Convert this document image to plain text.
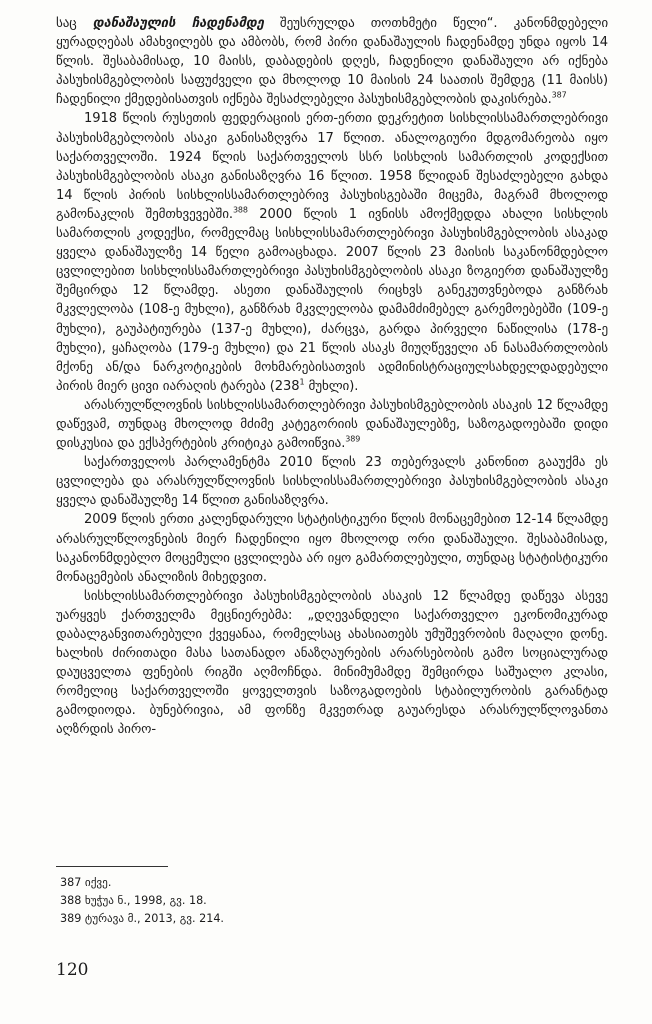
საც დანაშაულის ჩადენამდე შეუსრულდა თოთხმეტი წელი“. კანონმდებელი ყურადღებას ამახვილებს და ამბობს, რომ პირი დანაშაულის ჩადენამდე უნდა იყოს 14 წლის. შესაბამისად, 10 მაისს, დაბადების დღეს, ჩადენილი დანაშაული არ იქნება პასუხისმგებლობის საფუძველი და მხოლოდ 10 მაისის 24 საათის შემდეგ (11 მაისს) ჩადენილი ქმედებისათვის იქნება შესაძლებელი პასუხისმგებლობის დაკისრება.$^{387}$

1918 წლის რუსეთის ფედერაციის ერთ-ერთი დეკრეტით სისხლისსამართლებრივი პასუხისმგებლობის ასაკი განისაზღვრა 17 წლით. ანალოგიური მდგომარეობა იყო საქართველოში. 1924 წლის საქართველოს სსრ სისხლის სამართლის კოდექსით პასუხისმგებლობის ასაკი განისაზღვრა 16 წლით. 1958 წლიდან შესაძლებელი გახდა 14 წლის პირის სისხლისსამართლებრივ პასუხისგებაში მიცემა, მაგრამ მხოლოდ გამონაკლის შემთხვევებში.$^{388}$ 2000 წლის 1 ივნისს ამოქმედდა ახალი სისხლის სამართლის კოდექსი, რომელმაც სისხლისსამართლებრივი პასუხისმგებლობის ასაკად ყველა დანაშაულზე 14 წელი გამოაცხადა. 2007 წლის 23 მაისის საკანონმდებლო ცვლილებით სისხლისსამართლებრივი პასუხისმგებლობის ასაკი ზოგიერთ დანაშაულზე შემცირდა 12 წლამდე. ასეთი დანაშაულის რიცხვს განეკუთვნებოდა განზრახ მკვლელობა (108-ე მუხლი), განზრახ მკვლელობა დამამძიმებელ გარემოებებში (109-ე მუხლი), გაუპატიურება (137-ე მუხლი), ძარცვა, გარდა პირველი ნაწილისა (178-ე მუხლი), ყაჩაღობა (179-ე მუხლი) და 21 წლის ასაკს მიუღწეველი ან ნასამართლობის მქონე ან/და ნარკოტიკების მოხმარებისათვის ადმინისტრაციულსახდელდადებული პირის მიერ ცივი იარაღის ტარება ($238^1$ მუხლი).

არასრულწლოვნის სისხლისსამართლებრივი პასუხისმგებლობის ასაკის 12 წლამდე დაწევამ, თუნდაც მხოლოდ მძიმე კატეგორიის დანაშაულებზე, საზოგადოებაში დიდი დისკუსია და ექსპერტების კრიტიკა გამოიწვია.$^{389}$

საქართველოს პარლამენტმა 2010 წლის 23 თებერვალს კანონით გააუქმა ეს ცვლილება და არასრულწლოვნის სისხლისსამართლებრივი პასუხისმგებლობის ასაკი ყველა დანაშაულზე 14 წლით განისაზღვრა.

2009 წლის ერთი კალენდარული სტატისტიკური წლის მონაცემებით 12-14 წლამდე არასრულწლოვნების მიერ ჩადენილი იყო მხოლოდ ორი დანაშაული. შესაბამისად, საკანონმდებლო მოცემული ცვლილება არ იყო გამართლებული, თუნდაც სტატისტიკური მონაცემების ანალიზის მიხედვით.

სისხლისსამართლებრივი პასუხისმგებლობის ასაკის 12 წლამდე დაწევა ასევე უარყვეს ქართველმა მეცნიერებმა: „დღევანდელი საქართველო ეკონომიკურად დაბალგანვითარებული ქვეყანაა, რომელსაც ახასიათებს უმუშევრობის მაღალი დონე. ხალხის ძირითადი მასა სათანადო ანაზღაურების არარსებობის გამო სოციალურად დაუცველთა ფენების რიგში აღმოჩნდა. მინიმუმამდე შემცირდა საშუალო კლასი, რომელიც საქართველოში ყოველთვის საზოგადოების სტაბილურობის გარანტად გამოდიოდა. ბუნებრივია, ამ ფონზე მკვეთრად გაუარესდა არასრულწლოვანთა აღზრდის პირო-

387 იქვე.
388 ხუჭუა ნ., 1998, გვ. 18.
389 ტურავა მ., 2013, გვ. 214.
120
